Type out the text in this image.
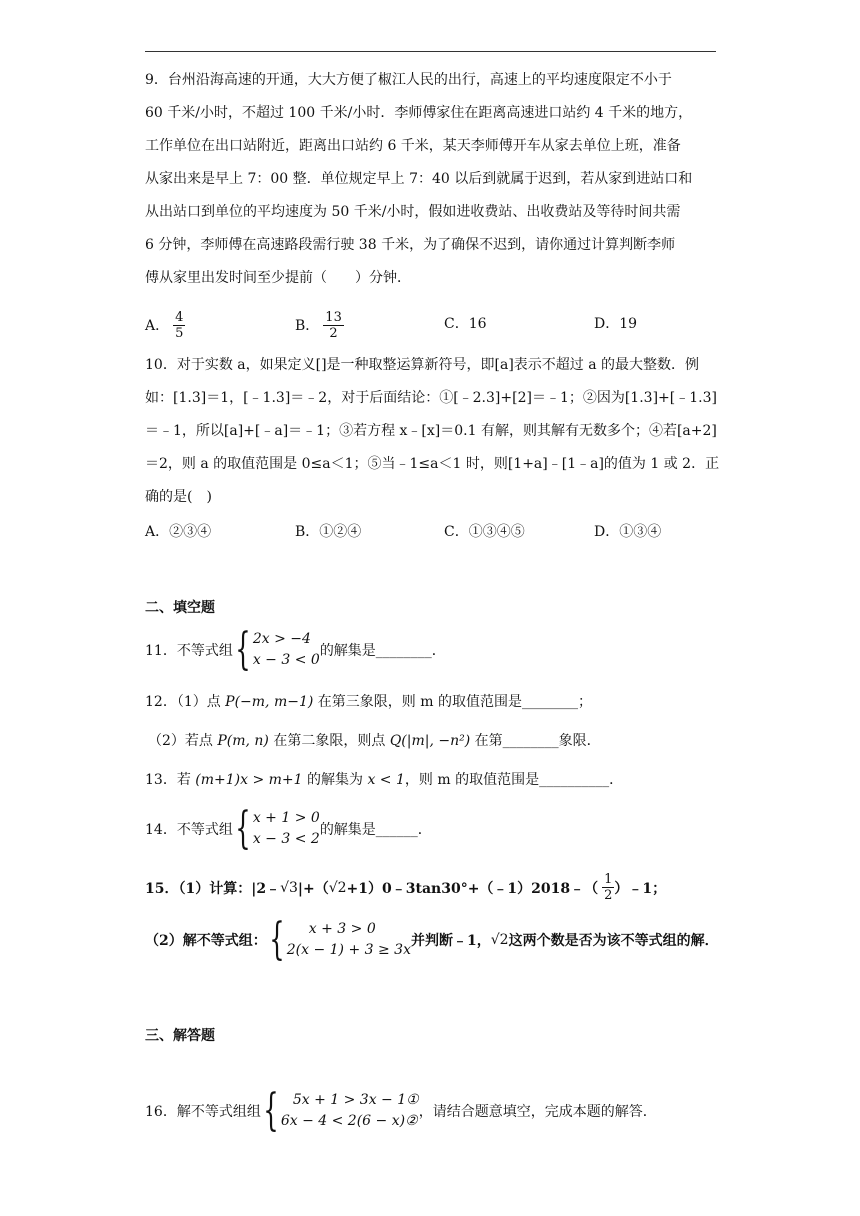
9．台州沿海高速的开通，大大方便了椒江人民的出行，高速上的平均速度限定不小于
60 千米/小时，不超过 100 千米/小时．李师傅家住在距离高速进口站约 4 千米的地方，
工作单位在出口站附近，距离出口站约 6 千米，某天李师傅开车从家去单位上班，准备
从家出来是早上 7：00 整．单位规定早上 7：40 以后到就属于迟到，若从家到进站口和
从出站口到单位的平均速度为 50 千米/小时，假如进收费站、出收费站及等待时间共需
6 分钟，李师傅在高速路段需行驶 38 千米，为了确保不迟到，请你通过计算判断李师
傅从家里出发时间至少提前（　　）分钟．
A． $\frac{4}{5}$	B． $\frac{13}{2}$	C．16	D．19
10．对于实数 a，如果定义[]是一种取整运算新符号，即[a]表示不超过 a 的最大整数．例
如：[1.3]＝1，[﹣1.3]＝﹣2，对于后面结论：①[﹣2.3]+[2]＝﹣1；②因为[1.3]+[﹣1.3]
＝﹣1，所以[a]+[﹣a]＝﹣1；③若方程 x﹣[x]＝0.1 有解，则其解有无数多个；④若[a+2]
＝2，则 a 的取值范围是 0≤a＜1；⑤当﹣1≤a＜1 时，则[1+a]﹣[1﹣a]的值为 1 或 2．正
确的是(　)
A．②③④	B．①②④	C．①③④⑤	D．①③④
二、填空题
11．不等式组 { 2x > −4
x − 3 < 0
的解集是________．
12．（1）点 P(−m, m−1) 在第三象限，则 m 的取值范围是________；
（2）若点 P(m, n) 在第二象限，则点 Q(|m|, −n²) 在第________象限．
13．若 (m+1)x > m+1 的解集为 x < 1，则 m 的取值范围是__________．
14．不等式组 { x + 1 > 0
x − 3 < 2
的解集是______．
15．（1）计算：|2﹣ √3 |+（ √2 +1）0﹣3tan30°+（﹣1）2018﹣（ $\frac{1}{2}$ ）﹣1；
（2）解不等式组： {	x + 3 > 0
2(x − 1) + 3 ≥ 3x
并判断﹣1， √2 这两个数是否为该不等式组的解．
三、解答题
16．解不等式组组 {	5x + 1 > 3x − 1①
6x − 4 < 2(6 − x)②
，请结合题意填空，完成本题的解答．
